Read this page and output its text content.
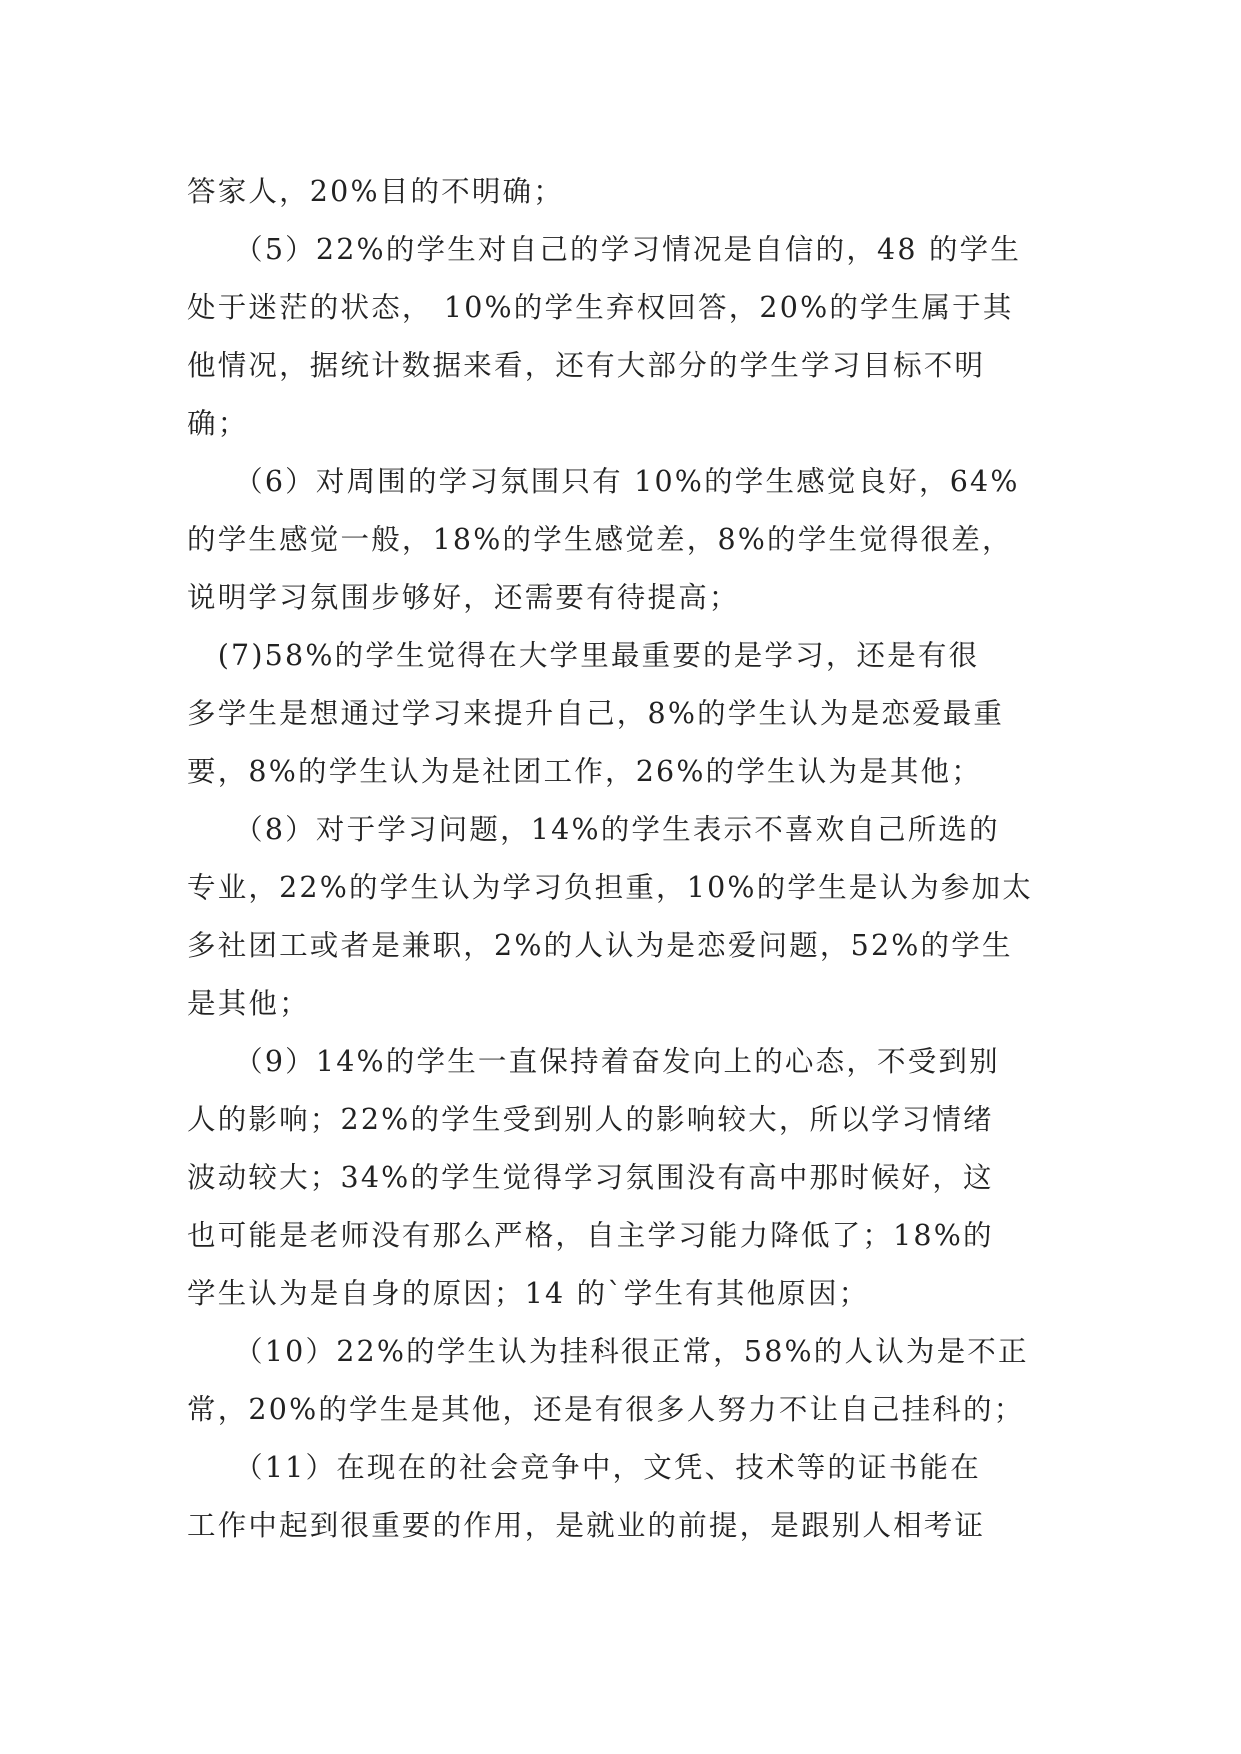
答家人，20%目的不明确；
　　（5）22%的学生对自己的学习情况是自信的，48 的学生
处于迷茫的状态， 10%的学生弃权回答，20%的学生属于其
他情况，据统计数据来看，还有大部分的学生学习目标不明
确；
　　（6）对周围的学习氛围只有 10%的学生感觉良好，64%
的学生感觉一般，18%的学生感觉差，8%的学生觉得很差，
说明学习氛围步够好，还需要有待提高；
　(7)58%的学生觉得在大学里最重要的是学习，还是有很
多学生是想通过学习来提升自己，8%的学生认为是恋爱最重
要，8%的学生认为是社团工作，26%的学生认为是其他；
　　（8）对于学习问题，14%的学生表示不喜欢自己所选的
专业，22%的学生认为学习负担重，10%的学生是认为参加太
多社团工或者是兼职，2%的人认为是恋爱问题，52%的学生
是其他；
　　（9）14%的学生一直保持着奋发向上的心态，不受到别
人的影响；22%的学生受到别人的影响较大，所以学习情绪
波动较大；34%的学生觉得学习氛围没有高中那时候好，这
也可能是老师没有那么严格，自主学习能力降低了；18%的
学生认为是自身的原因；14 的`学生有其他原因；
　　（10）22%的学生认为挂科很正常，58%的人认为是不正
常，20%的学生是其他，还是有很多人努力不让自己挂科的；
　　（11）在现在的社会竞争中，文凭、技术等的证书能在
工作中起到很重要的作用，是就业的前提，是跟别人相考证
